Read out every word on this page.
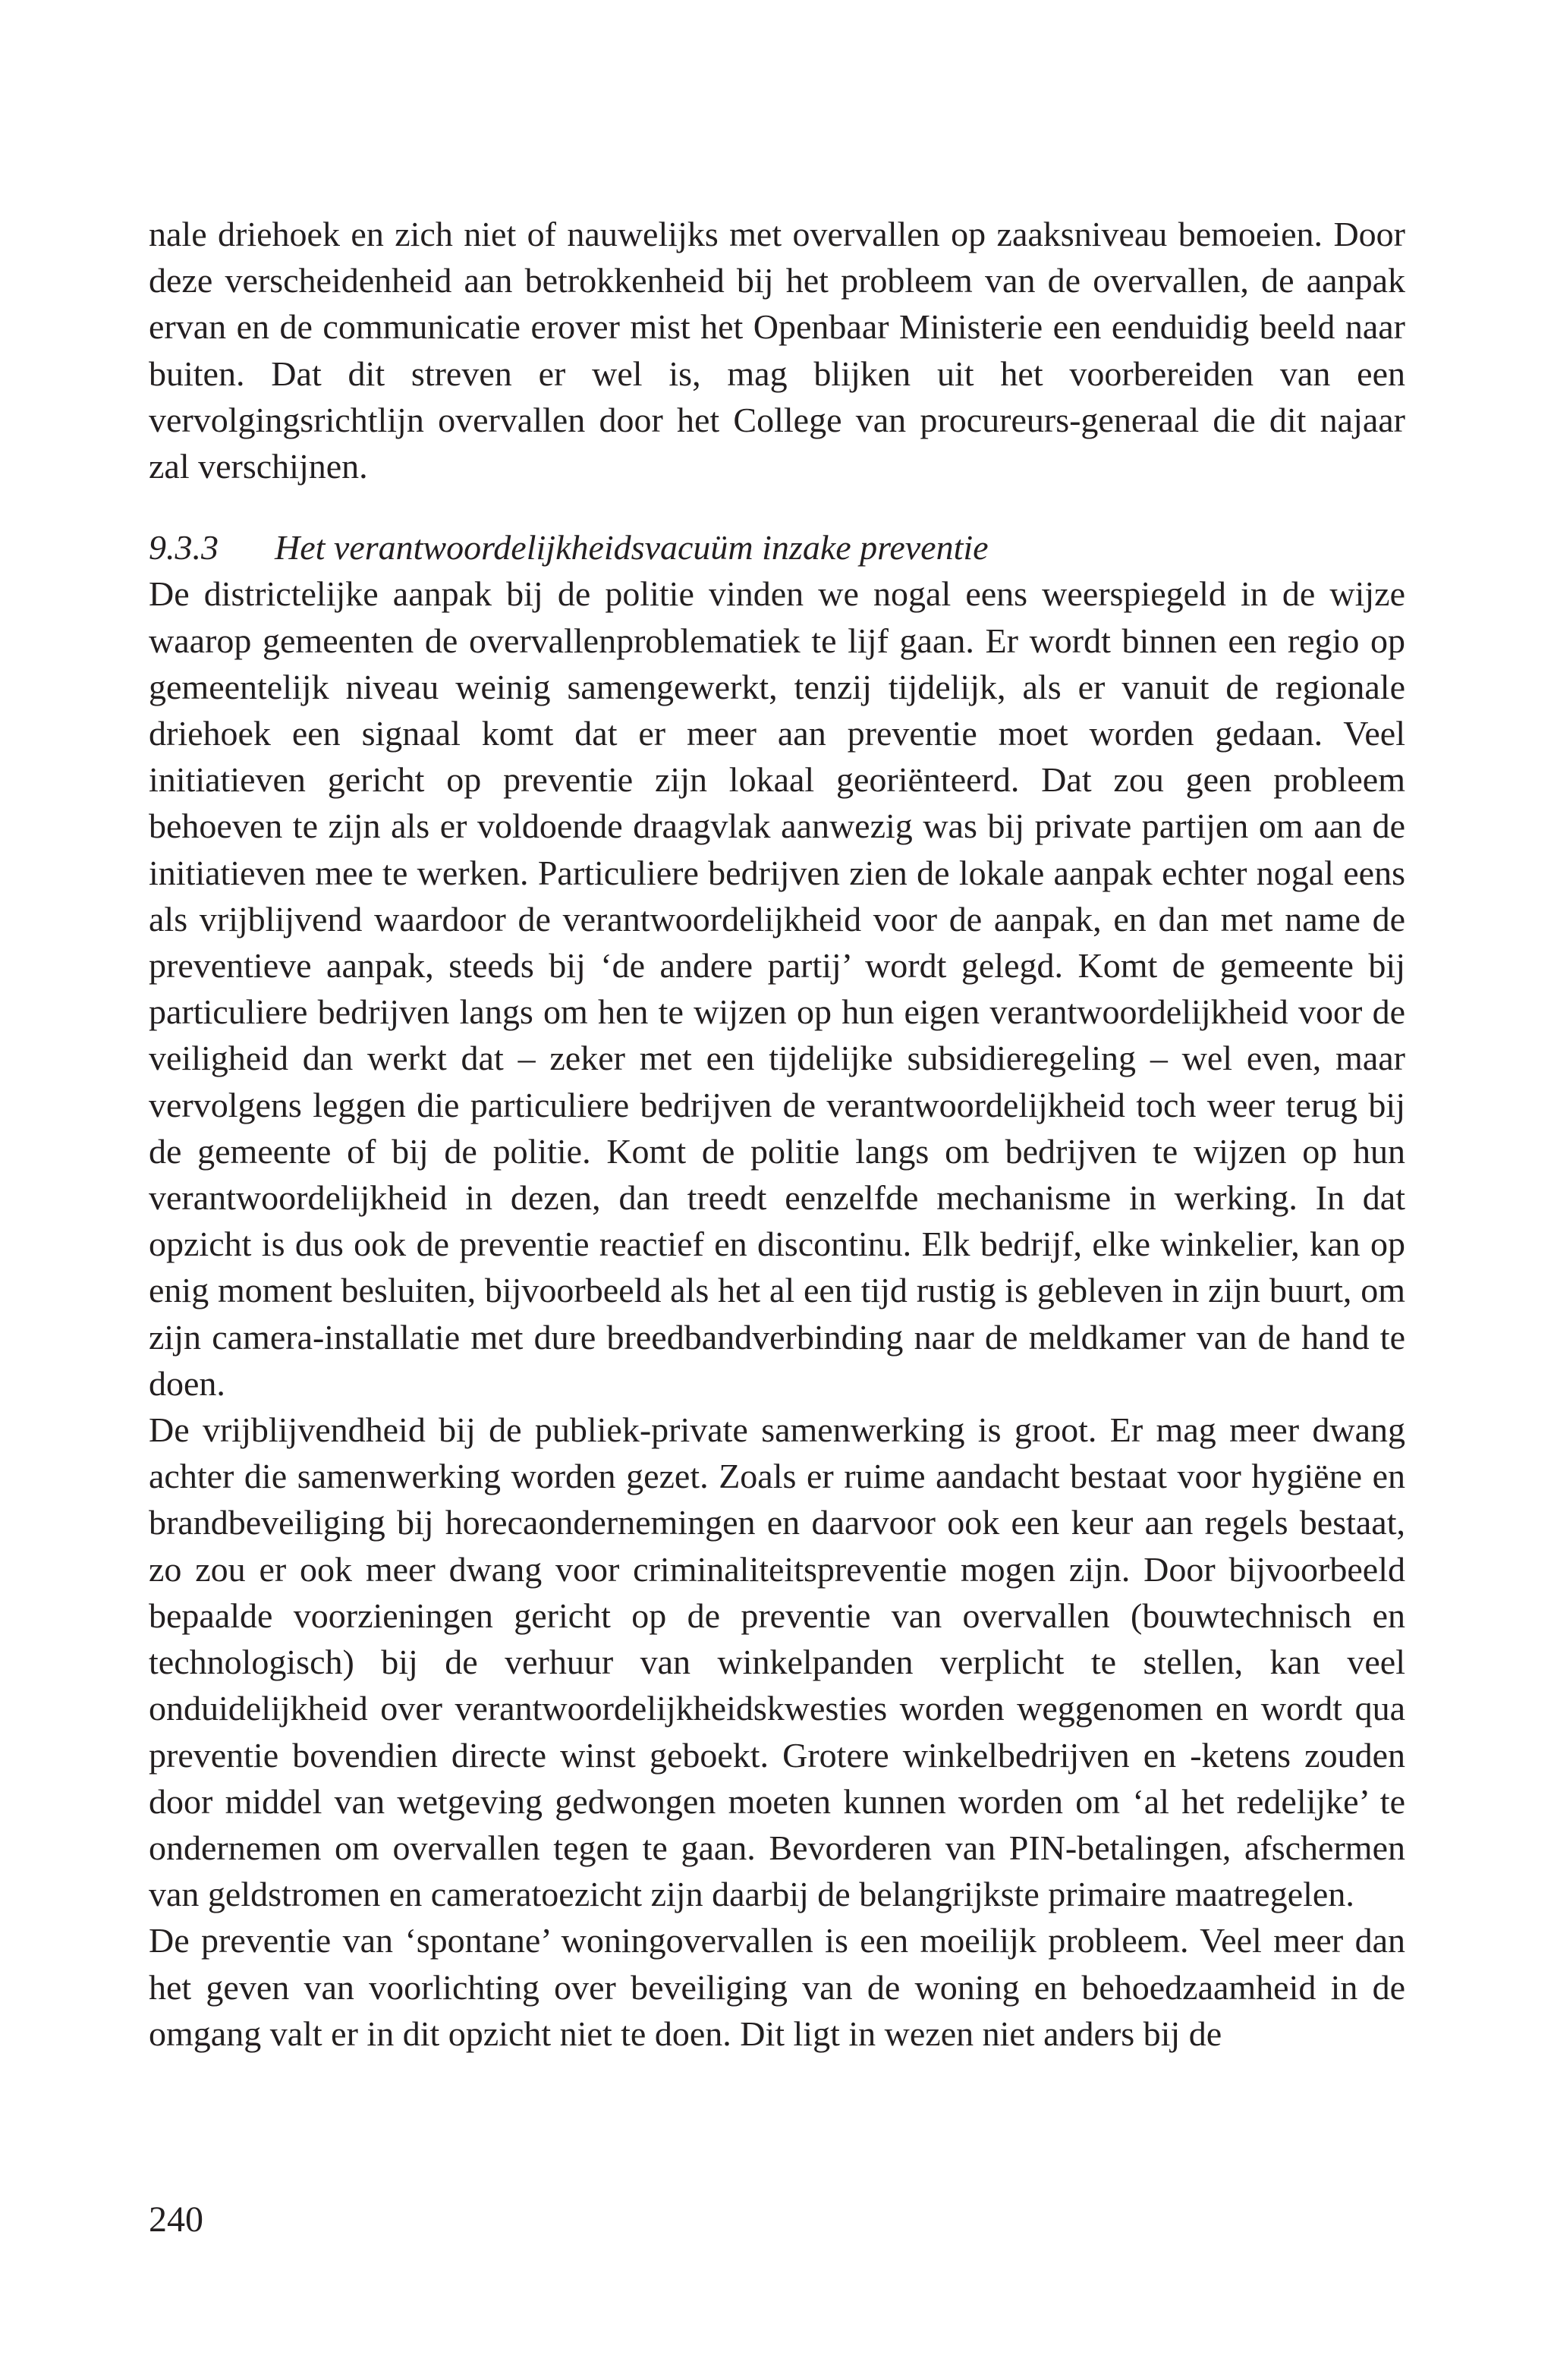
nale driehoek en zich niet of nauwelijks met overvallen op zaaksniveau bemoeien. Door deze verscheidenheid aan betrokkenheid bij het probleem van de overvallen, de aanpak ervan en de communicatie erover mist het Openbaar Ministerie een eenduidig beeld naar buiten. Dat dit streven er wel is, mag blijken uit het voorbereiden van een vervolgingsrichtlijn overvallen door het College van procureurs-generaal die dit najaar zal verschijnen.

9.3.3 Het verantwoordelijkheidsvacuüm inzake preventie

De districtelijke aanpak bij de politie vinden we nogal eens weerspiegeld in de wijze waarop gemeenten de overvallenproblematiek te lijf gaan. Er wordt binnen een regio op gemeentelijk niveau weinig samengewerkt, tenzij tijdelijk, als er vanuit de regionale driehoek een signaal komt dat er meer aan preventie moet worden gedaan. Veel initiatieven gericht op preventie zijn lokaal georiënteerd. Dat zou geen probleem behoeven te zijn als er voldoende draagvlak aanwezig was bij private partijen om aan de initiatieven mee te werken. Particuliere bedrijven zien de lokale aanpak echter nogal eens als vrijblijvend waardoor de verantwoordelijkheid voor de aanpak, en dan met name de preventieve aanpak, steeds bij ‘de andere partij’ wordt gelegd. Komt de gemeente bij particuliere bedrijven langs om hen te wijzen op hun eigen verantwoordelijkheid voor de veiligheid dan werkt dat – zeker met een tijdelijke subsidieregeling – wel even, maar vervolgens leggen die particuliere bedrijven de verantwoordelijkheid toch weer terug bij de gemeente of bij de politie. Komt de politie langs om bedrijven te wijzen op hun verantwoordelijkheid in dezen, dan treedt eenzelfde mechanisme in werking. In dat opzicht is dus ook de preventie reactief en discontinu. Elk bedrijf, elke winkelier, kan op enig moment besluiten, bijvoorbeeld als het al een tijd rustig is gebleven in zijn buurt, om zijn camera-installatie met dure breedbandverbinding naar de meldkamer van de hand te doen.

De vrijblijvendheid bij de publiek-private samenwerking is groot. Er mag meer dwang achter die samenwerking worden gezet. Zoals er ruime aandacht bestaat voor hygiëne en brandbeveiliging bij horecaondernemingen en daarvoor ook een keur aan regels bestaat, zo zou er ook meer dwang voor criminaliteitspreventie mogen zijn. Door bijvoorbeeld bepaalde voorzieningen gericht op de preventie van overvallen (bouwtechnisch en technologisch) bij de verhuur van winkelpanden verplicht te stellen, kan veel onduidelijkheid over verantwoordelijkheidskwesties worden weggenomen en wordt qua preventie bovendien directe winst geboekt. Grotere winkelbedrijven en -ketens zouden door middel van wetgeving gedwongen moeten kunnen worden om ‘al het redelijke’ te ondernemen om overvallen tegen te gaan. Bevorderen van PIN-betalingen, afschermen van geldstromen en cameratoezicht zijn daarbij de belangrijkste primaire maatregelen.

De preventie van ‘spontane’ woningovervallen is een moeilijk probleem. Veel meer dan het geven van voorlichting over beveiliging van de woning en behoedzaamheid in de omgang valt er in dit opzicht niet te doen. Dit ligt in wezen niet anders bij de

240
